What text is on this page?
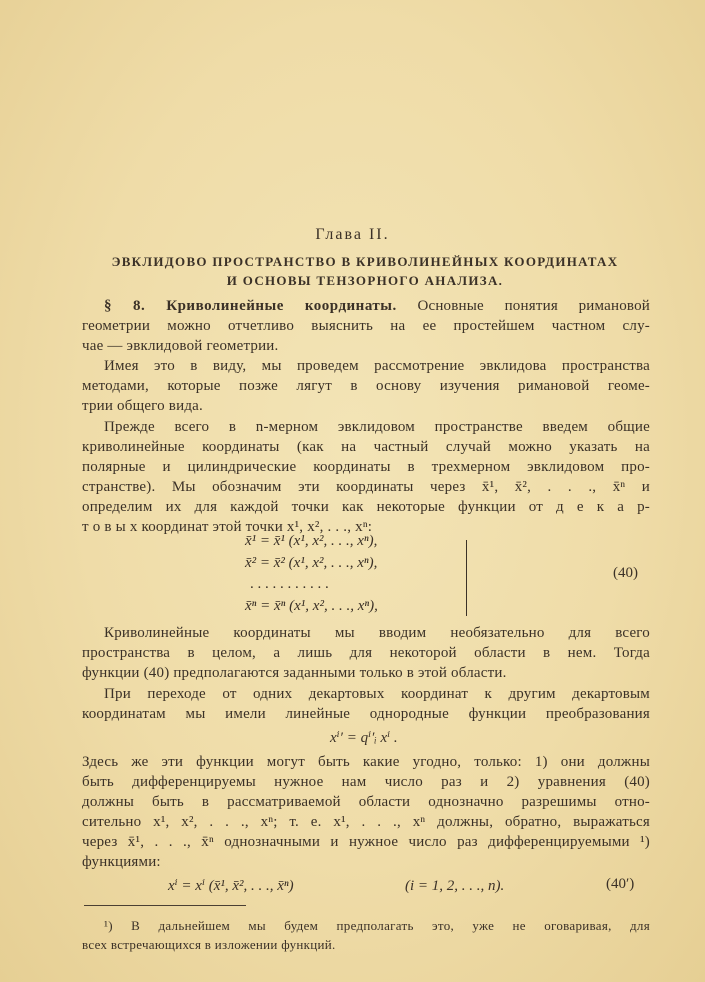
Глава II.
ЭВКЛИДОВО ПРОСТРАНСТВО В КРИВОЛИНЕЙНЫХ КООРДИНАТАХ
И ОСНОВЫ ТЕНЗОРНОГО АНАЛИЗА.
§ 8. Криволинейные координаты. Основные понятия римановой
геометрии можно отчетливо выяснить на ее простейшем частном слу-
чае — эвклидовой геометрии.
Имея это в виду, мы проведем рассмотрение эвклидова пространства
методами, которые позже лягут в основу изучения римановой геоме-
трии общего вида.
Прежде всего в n-мерном эвклидовом пространстве введем общие
криволинейные координаты (как на частный случай можно указать на
полярные и цилиндрические координаты в трехмерном эвклидовом про-
странстве). Мы обозначим эти координаты через x̄¹, x̄², . . ., x̄ⁿ и
определим их для каждой точки как некоторые функции от д е к а р-
т о в ы х координат этой точки x¹, x², . . ., xⁿ:
Криволинейные координаты мы вводим необязательно для всего
пространства в целом, а лишь для некоторой области в нем. Тогда
функции (40) предполагаются заданными только в этой области.
При переходе от одних декартовых координат к другим декартовым
координатам мы имели линейные однородные функции преобразования
Здесь же эти функции могут быть какие угодно, только: 1) они должны
быть дифференцируемы нужное нам число раз и 2) уравнения (40)
должны быть в рассматриваемой области однозначно разрешимы отно-
сительно x¹, x², . . ., xⁿ; т. е. x¹, . . ., xⁿ должны, обратно, выражаться
через x̄¹, . . ., x̄ⁿ однозначными и нужное число раз дифференцируемыми ¹)
функциями:
x̄¹ = x̄¹ (x¹, x², . . ., xⁿ),
x̄² = x̄² (x¹, x², . . ., xⁿ),
. . . . . . . . . . .
x̄ⁿ = x̄ⁿ (x¹, x², . . ., xⁿ),
(40)
xⁱ′ = qⁱ′ᵢ xⁱ .
xⁱ = xⁱ (x̄¹, x̄², . . ., x̄ⁿ)	(i = 1, 2, . . ., n).	(40′)
¹) В дальнейшем мы будем предполагать это, уже не оговаривая, для
всех встречающихся в изложении функций.
